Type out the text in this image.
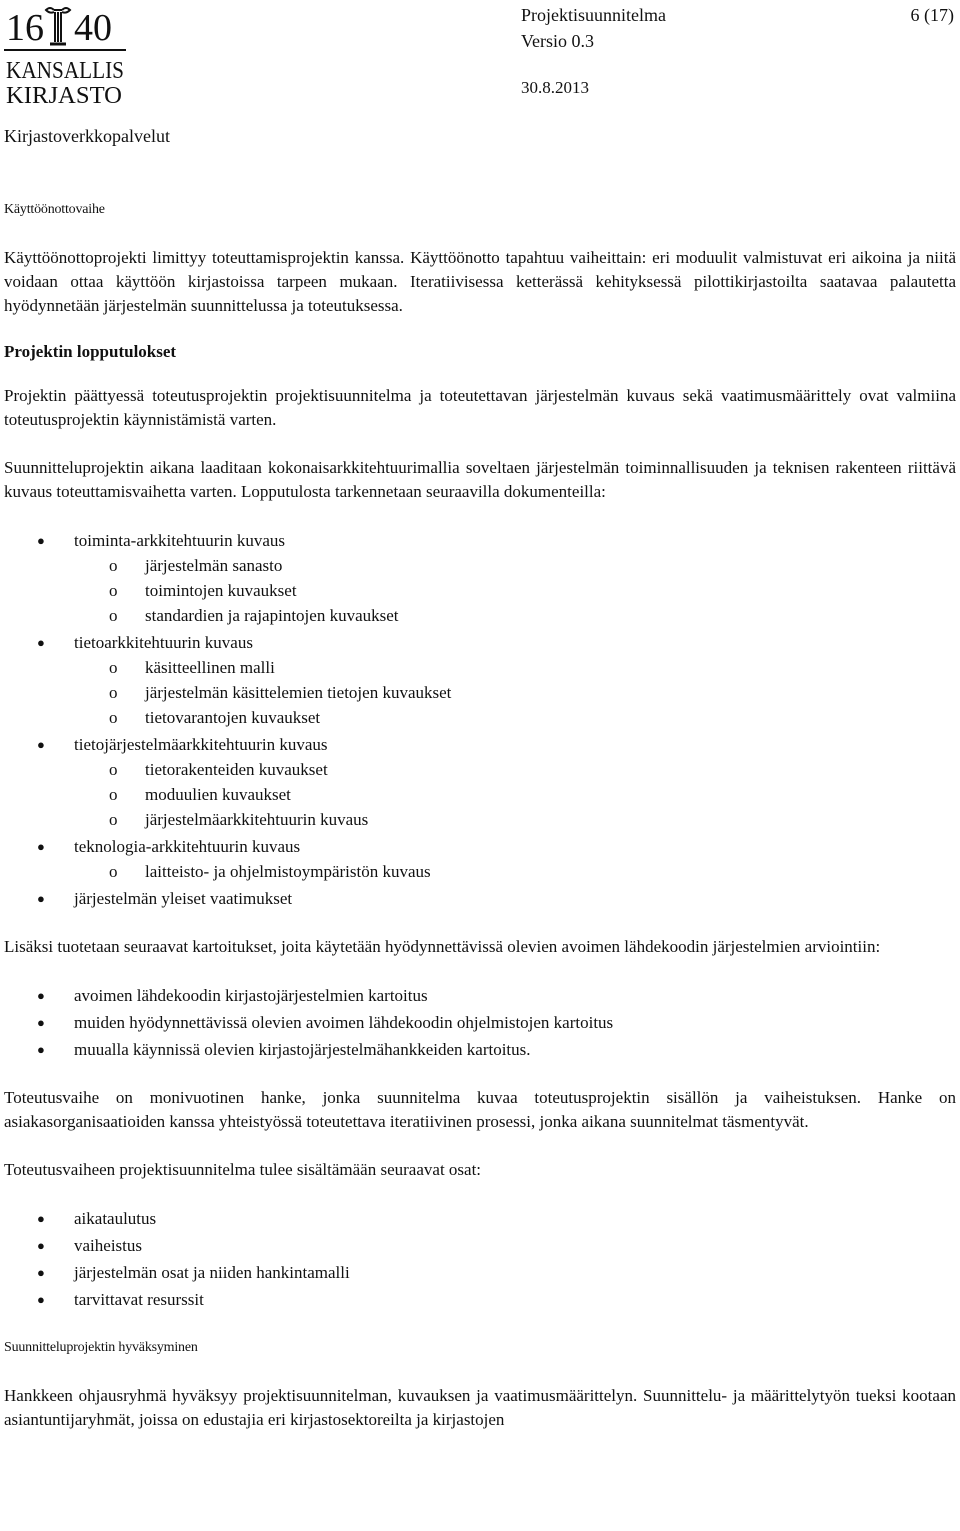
16 40
KANSALLIS
KIRJASTO
Projektisuunnitelma	6 (17)
Versio 0.3
30.8.2013
Kirjastoverkkopalvelut

Käyttöönottovaihe

Käyttöönottoprojekti limittyy toteuttamisprojektin kanssa. Käyttöönotto tapahtuu vaiheittain: eri moduulit valmistuvat eri aikoina ja niitä voidaan ottaa käyttöön kirjastoissa tarpeen mukaan. Iteratiivisessa ketterässä kehityksessä pilottikirjastoilta saatavaa palautetta hyödynnetään järjestelmän suunnittelussa ja toteutuksessa.

Projektin lopputulokset

Projektin päättyessä toteutusprojektin projektisuunnitelma ja toteutettavan järjestelmän kuvaus sekä vaatimusmäärittely ovat valmiina toteutusprojektin käynnistämistä varten.

Suunnitteluprojektin aikana laaditaan kokonaisarkkitehtuurimallia soveltaen järjestelmän toiminnallisuuden ja teknisen rakenteen riittävä kuvaus toteuttamisvaihetta varten. Lopputulosta tarkennetaan seuraavilla dokumenteilla:

● toiminta-arkkitehtuurin kuvaus
o järjestelmän sanasto
o toimintojen kuvaukset
o standardien ja rajapintojen kuvaukset
● tietoarkkitehtuurin kuvaus
o käsitteellinen malli
o järjestelmän käsittelemien tietojen kuvaukset
o tietovarantojen kuvaukset
● tietojärjestelmäarkkitehtuurin kuvaus
o tietorakenteiden kuvaukset
o moduulien kuvaukset
o järjestelmäarkkitehtuurin kuvaus
● teknologia-arkkitehtuurin kuvaus
o laitteisto- ja ohjelmistoympäristön kuvaus
● järjestelmän yleiset vaatimukset

Lisäksi tuotetaan seuraavat kartoitukset, joita käytetään hyödynnettävissä olevien avoimen lähdekoodin järjestelmien arviointiin:

● avoimen lähdekoodin kirjastojärjestelmien kartoitus
● muiden hyödynnettävissä olevien avoimen lähdekoodin ohjelmistojen kartoitus
● muualla käynnissä olevien kirjastojärjestelmähankkeiden kartoitus.

Toteutusvaihe on monivuotinen hanke, jonka suunnitelma kuvaa toteutusprojektin sisällön ja vaiheistuksen. Hanke on asiakasorganisaatioiden kanssa yhteistyössä toteutettava iteratiivinen prosessi, jonka aikana suunnitelmat täsmentyvät.

Toteutusvaiheen projektisuunnitelma tulee sisältämään seuraavat osat:

● aikataulutus
● vaiheistus
● järjestelmän osat ja niiden hankintamalli
● tarvittavat resurssit

Suunnitteluprojektin hyväksyminen

Hankkeen ohjausryhmä hyväksyy projektisuunnitelman, kuvauksen ja vaatimusmäärittelyn. Suunnittelu- ja määrittelytyön tueksi kootaan asiantuntijaryhmät, joissa on edustajia eri kirjastosektoreilta ja kirjastojen
